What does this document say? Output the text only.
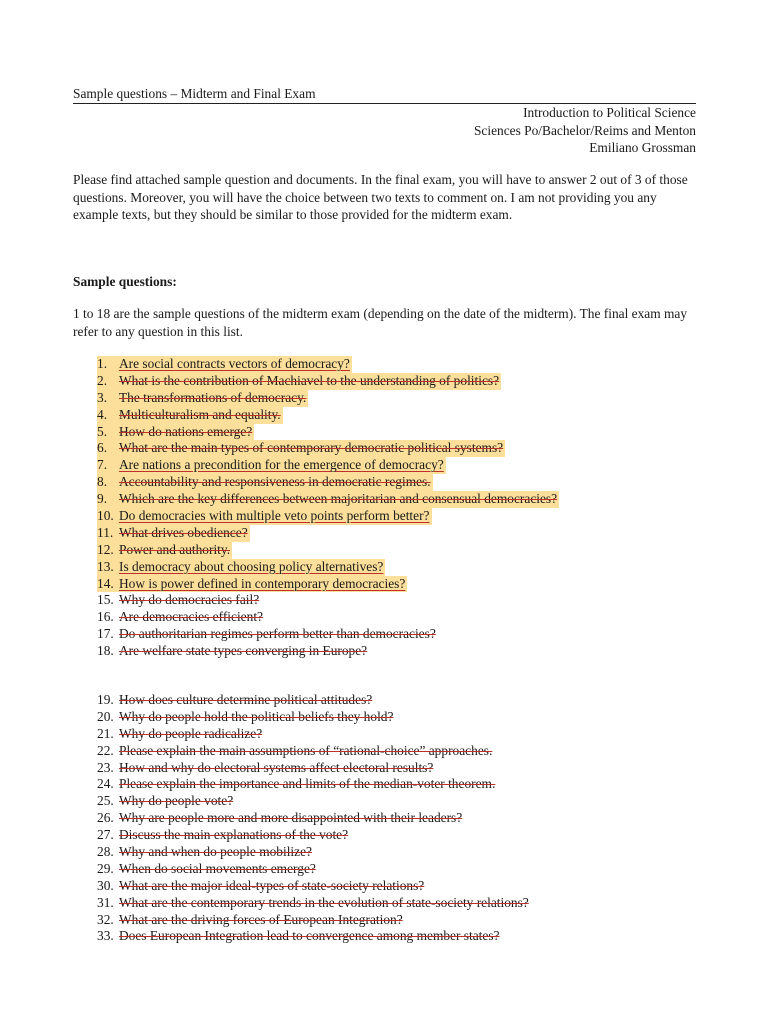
Sample questions – Midterm and Final Exam
Introduction to Political Science
Sciences Po/Bachelor/Reims and Menton
Emiliano Grossman
Please find attached sample question and documents. In the final exam, you will have to answer 2 out of 3 of those questions. Moreover, you will have the choice between two texts to comment on. I am not providing you any example texts, but they should be similar to those provided for the midterm exam.
Sample questions:
1 to 18 are the sample questions of the midterm exam (depending on the date of the midterm). The final exam may refer to any question in this list.
1. Are social contracts vectors of democracy?
2. What is the contribution of Machiavel to the understanding of politics?
3. The transformations of democracy.
4. Multiculturalism and equality.
5. How do nations emerge?
6. What are the main types of contemporary democratic political systems?
7. Are nations a precondition for the emergence of democracy?
8. Accountability and responsiveness in democratic regimes.
9. Which are the key differences between majoritarian and consensual democracies?
10. Do democracies with multiple veto points perform better?
11. What drives obedience?
12. Power and authority.
13. Is democracy about choosing policy alternatives?
14. How is power defined in contemporary democracies?
15. Why do democracies fail?
16. Are democracies efficient?
17. Do authoritarian regimes perform better than democracies?
18. Are welfare state types converging in Europe?
19. How does culture determine political attitudes?
20. Why do people hold the political beliefs they hold?
21. Why do people radicalize?
22. Please explain the main assumptions of “rational-choice” approaches.
23. How and why do electoral systems affect electoral results?
24. Please explain the importance and limits of the median-voter theorem.
25. Why do people vote?
26. Why are people more and more disappointed with their leaders?
27. Discuss the main explanations of the vote?
28. Why and when do people mobilize?
29. When do social movements emerge?
30. What are the major ideal-types of state-society relations?
31. What are the contemporary trends in the evolution of state-society relations?
32. What are the driving forces of European Integration?
33. Does European Integration lead to convergence among member states?
